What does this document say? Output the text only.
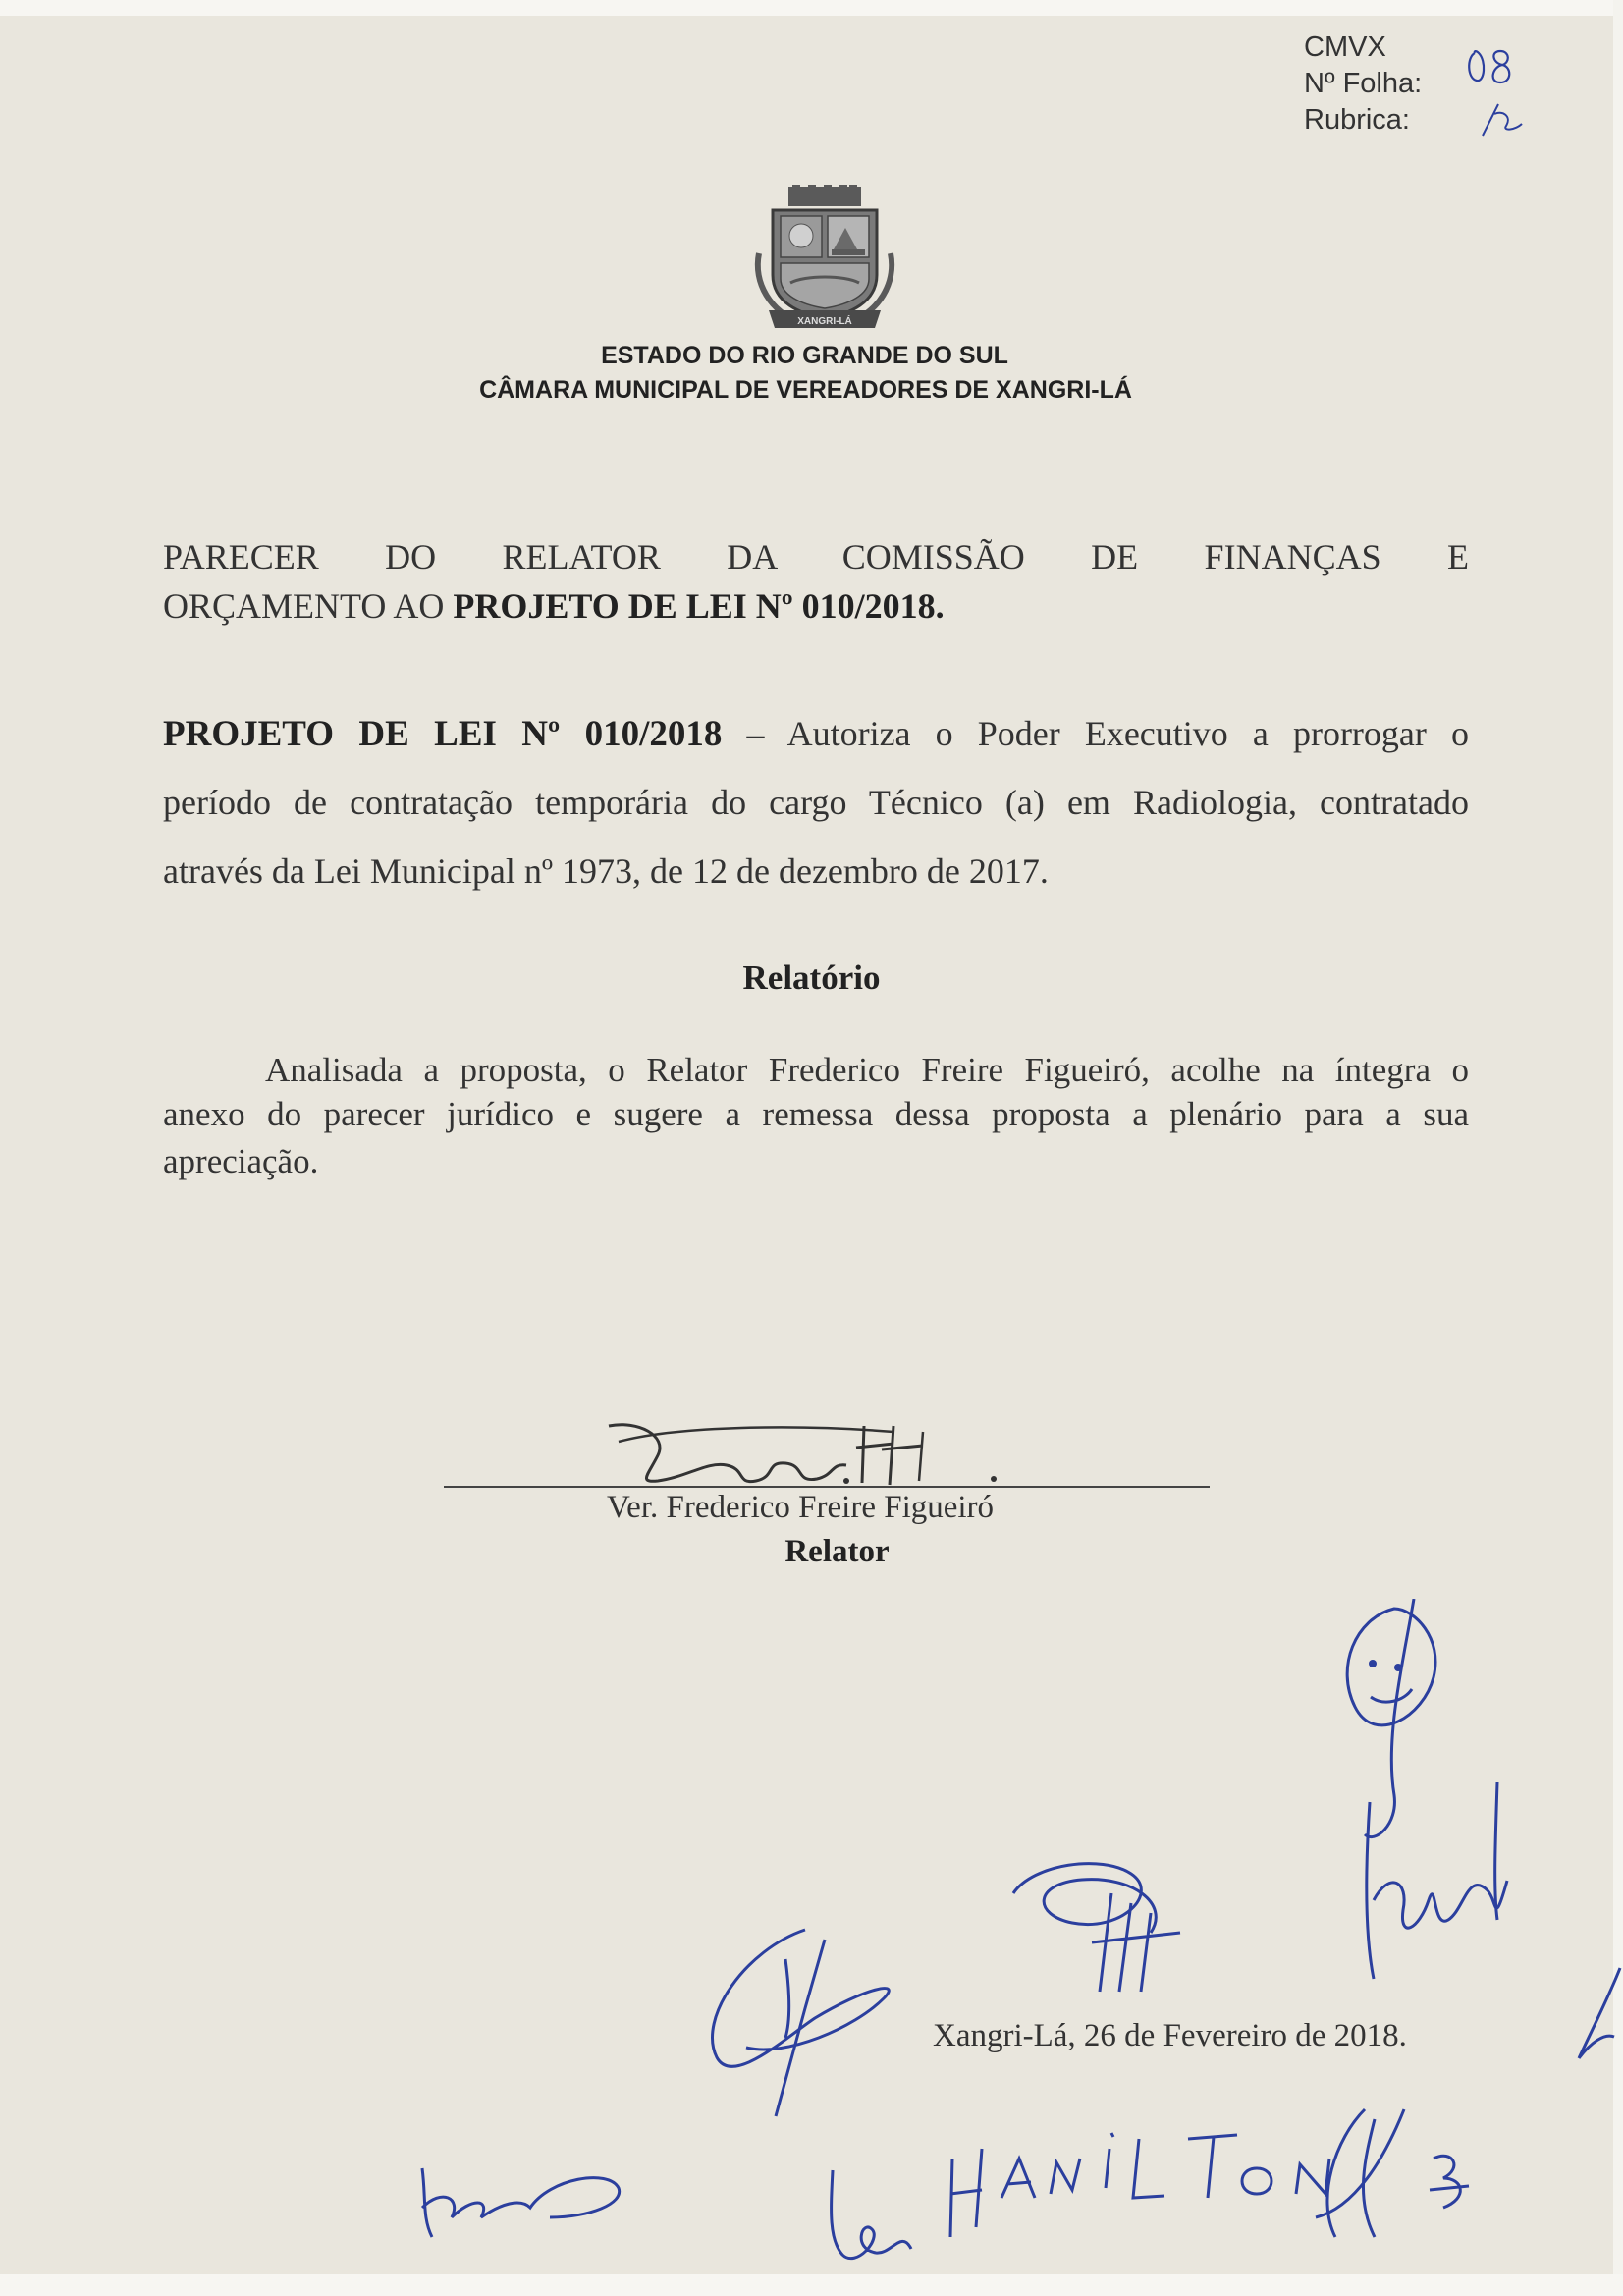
CMVX
Nº Folha:
Rubrica:
XANGRI-LÁ
ESTADO DO RIO GRANDE DO SUL
CÂMARA MUNICIPAL DE VEREADORES DE XANGRI-LÁ
PARECER DO RELATOR DA COMISSÃO DE FINANÇAS E
ORÇAMENTO AO PROJETO DE LEI Nº 010/2018.
PROJETO DE LEI Nº 010/2018 – Autoriza o Poder Executivo a prorrogar o
período de contratação temporária do cargo Técnico (a) em Radiologia, contratado
através da Lei Municipal nº 1973, de 12 de dezembro de 2017.
Relatório
Analisada a proposta, o Relator Frederico Freire Figueiró, acolhe na íntegra o
anexo do parecer jurídico e sugere a remessa dessa proposta a plenário para a sua
apreciação.
Ver. Frederico Freire Figueiró
Relator
Xangri-Lá, 26 de Fevereiro de 2018.
